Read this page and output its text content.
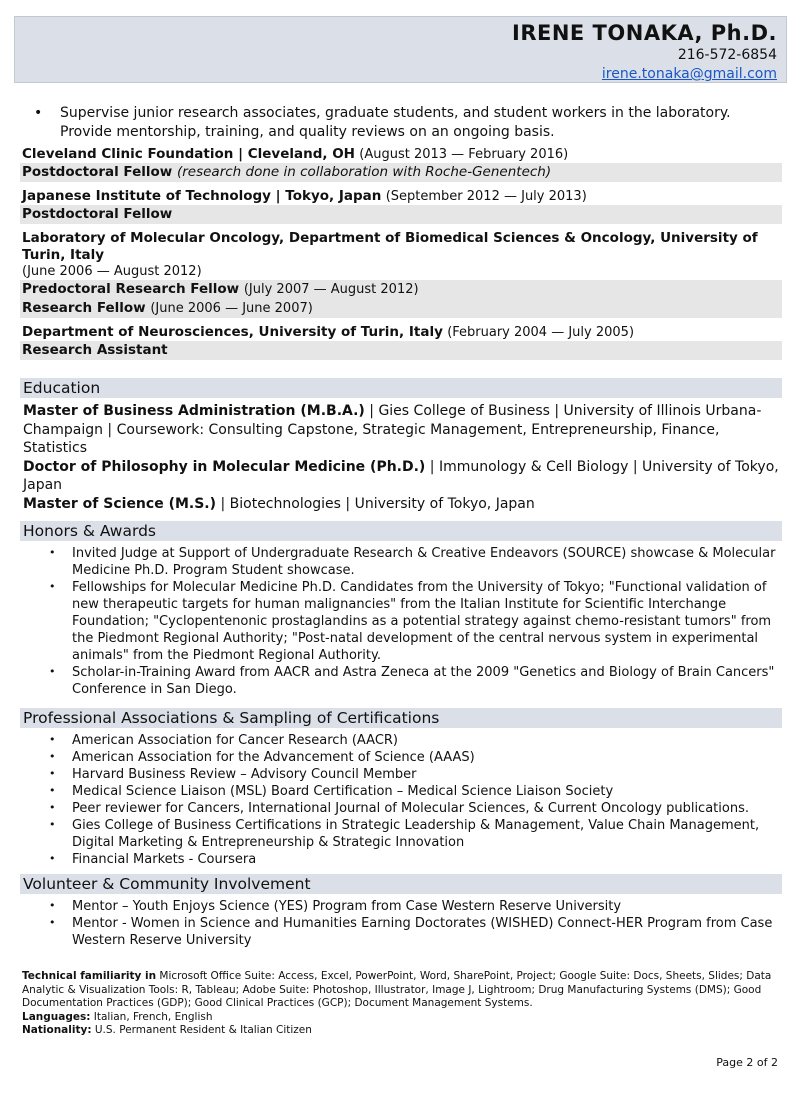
IRENE TONAKA, Ph.D.
216-572-6854
irene.tonaka@gmail.com
• Supervise junior research associates, graduate students, and student workers in the laboratory. Provide mentorship, training, and quality reviews on an ongoing basis.
Cleveland Clinic Foundation | Cleveland, OH (August 2013 — February 2016)
Postdoctoral Fellow (research done in collaboration with Roche-Genentech)
Japanese Institute of Technology | Tokyo, Japan (September 2012 — July 2013)
Postdoctoral Fellow
Laboratory of Molecular Oncology, Department of Biomedical Sciences & Oncology, University of Turin, Italy
(June 2006 — August 2012)
Predoctoral Research Fellow (July 2007 — August 2012)
Research Fellow (June 2006 — June 2007)
Department of Neurosciences, University of Turin, Italy (February 2004 — July 2005)
Research Assistant
Education
Master of Business Administration (M.B.A.) | Gies College of Business | University of Illinois Urbana-Champaign | Coursework: Consulting Capstone, Strategic Management, Entrepreneurship, Finance, Statistics
Doctor of Philosophy in Molecular Medicine (Ph.D.) | Immunology & Cell Biology | University of Tokyo, Japan
Master of Science (M.S.) | Biotechnologies | University of Tokyo, Japan
Honors & Awards
• Invited Judge at Support of Undergraduate Research & Creative Endeavors (SOURCE) showcase & Molecular Medicine Ph.D. Program Student showcase.
• Fellowships for Molecular Medicine Ph.D. Candidates from the University of Tokyo; "Functional validation of new therapeutic targets for human malignancies" from the Italian Institute for Scientific Interchange Foundation; "Cyclopentenonic prostaglandins as a potential strategy against chemo-resistant tumors" from the Piedmont Regional Authority; "Post-natal development of the central nervous system in experimental animals" from the Piedmont Regional Authority.
• Scholar-in-Training Award from AACR and Astra Zeneca at the 2009 "Genetics and Biology of Brain Cancers" Conference in San Diego.
Professional Associations & Sampling of Certifications
• American Association for Cancer Research (AACR)
• American Association for the Advancement of Science (AAAS)
• Harvard Business Review – Advisory Council Member
• Medical Science Liaison (MSL) Board Certification – Medical Science Liaison Society
• Peer reviewer for Cancers, International Journal of Molecular Sciences, & Current Oncology publications.
• Gies College of Business Certifications in Strategic Leadership & Management, Value Chain Management, Digital Marketing & Entrepreneurship & Strategic Innovation
• Financial Markets - Coursera
Volunteer & Community Involvement
• Mentor – Youth Enjoys Science (YES) Program from Case Western Reserve University
• Mentor - Women in Science and Humanities Earning Doctorates (WISHED) Connect-HER Program from Case Western Reserve University
Technical familiarity in Microsoft Office Suite: Access, Excel, PowerPoint, Word, SharePoint, Project; Google Suite: Docs, Sheets, Slides; Data Analytic & Visualization Tools: R, Tableau; Adobe Suite: Photoshop, Illustrator, Image J, Lightroom; Drug Manufacturing Systems (DMS); Good Documentation Practices (GDP); Good Clinical Practices (GCP); Document Management Systems.
Languages: Italian, French, English
Nationality: U.S. Permanent Resident & Italian Citizen
Page 2 of 2
